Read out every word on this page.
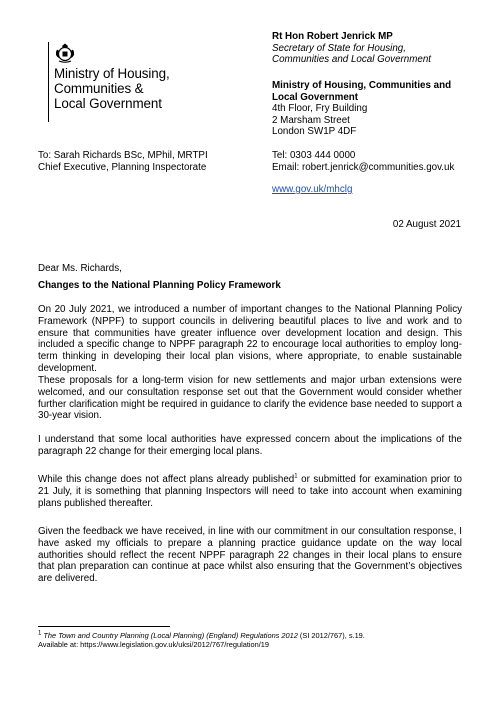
Ministry of Housing,
Communities &
Local Government
Rt Hon Robert Jenrick MP
Secretary of State for Housing,
Communities and Local Government
Ministry of Housing, Communities and
Local Government
4th Floor, Fry Building
2 Marsham Street
London SW1P 4DF
To: Sarah Richards BSc, MPhil, MRTPI
Chief Executive, Planning Inspectorate
Tel: 0303 444 0000
Email: robert.jenrick@communities.gov.uk
www.gov.uk/mhclg
02 August 2021
Dear Ms. Richards,
Changes to the National Planning Policy Framework
On 20 July 2021, we introduced a number of important changes to the National Planning Policy Framework (NPPF) to support councils in delivering beautiful places to live and work and to ensure that communities have greater influence over development location and design. This included a specific change to NPPF paragraph 22 to encourage local authorities to employ long-term thinking in developing their local plan visions, where appropriate, to enable sustainable development.
These proposals for a long-term vision for new settlements and major urban extensions were welcomed, and our consultation response set out that the Government would consider whether further clarification might be required in guidance to clarify the evidence base needed to support a 30-year vision.
I understand that some local authorities have expressed concern about the implications of the paragraph 22 change for their emerging local plans.
While this change does not affect plans already published$^1$ or submitted for examination prior to 21 July, it is something that planning Inspectors will need to take into account when examining plans published thereafter.
Given the feedback we have received, in line with our commitment in our consultation response, I have asked my officials to prepare a planning practice guidance update on the way local authorities should reflect the recent NPPF paragraph 22 changes in their local plans to ensure that plan preparation can continue at pace whilst also ensuring that the Government’s objectives are delivered.
$^1$ The Town and Country Planning (Local Planning) (England) Regulations 2012 (SI 2012/767), s.19.
Available at: https://www.legislation.gov.uk/uksi/2012/767/regulation/19
